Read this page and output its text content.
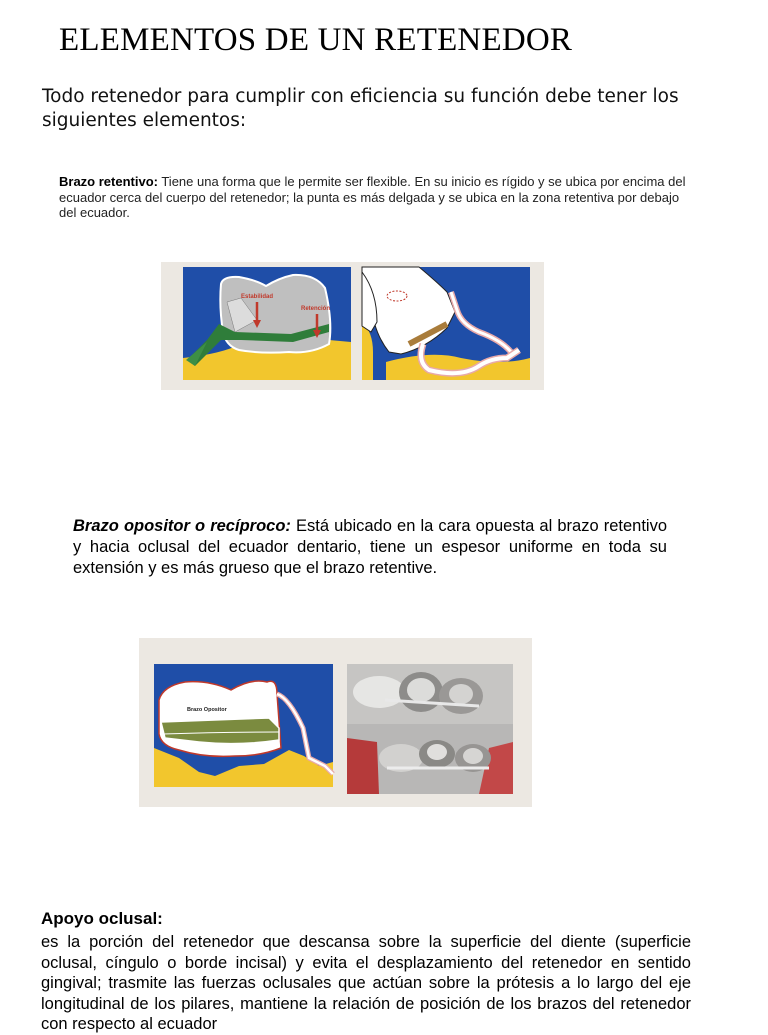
ELEMENTOS DE UN RETENEDOR
Todo retenedor para cumplir con eficiencia su función debe tener los siguientes elementos:
Brazo retentivo: Tiene una forma que le permite ser flexible. En su inicio es rígido y se ubica por encima del ecuador cerca del cuerpo del retenedor; la punta es más delgada y se ubica en la zona retentiva por debajo del ecuador.
Estabilidad
Retención
Brazo opositor o recíproco: Está ubicado en la cara opuesta al brazo retentivo y hacia oclusal del ecuador dentario, tiene un espesor uniforme en toda su extensión y es más grueso que el brazo retentive.
Brazo Opositor
Apoyo oclusal:
es la porción del retenedor que descansa sobre la superficie del diente (superficie oclusal, cíngulo o borde incisal) y evita el desplazamiento del retenedor en sentido gingival; trasmite las fuerzas oclusales que actúan sobre la prótesis a lo largo del eje longitudinal de los pilares, mantiene la relación de posición de los brazos del retenedor con respecto al ecuador
